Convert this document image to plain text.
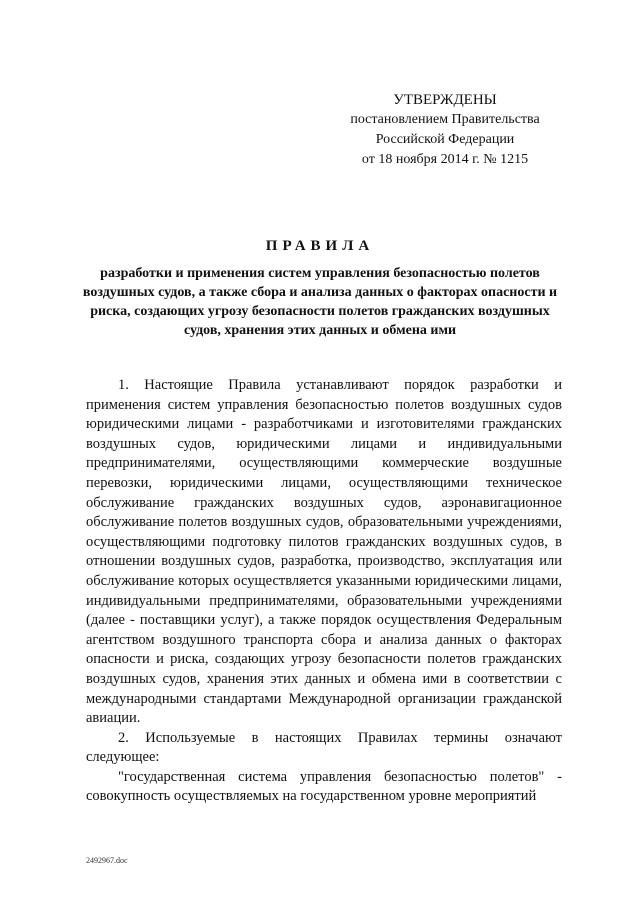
УТВЕРЖДЕНЫ
постановлением Правительства
Российской Федерации
от 18 ноября 2014 г. № 1215
ПРАВИЛА
разработки и применения систем управления безопасностью полетов воздушных судов, а также сбора и анализа данных о факторах опасности и риска, создающих угрозу безопасности полетов гражданских воздушных судов, хранения этих данных и обмена ими

1. Настоящие Правила устанавливают порядок разработки и применения систем управления безопасностью полетов воздушных судов юридическими лицами - разработчиками и изготовителями гражданских воздушных судов, юридическими лицами и индивидуальными предпринимателями, осуществляющими коммерческие воздушные перевозки, юридическими лицами, осуществляющими техническое обслуживание гражданских воздушных судов, аэронавигационное обслуживание полетов воздушных судов, образовательными учреждениями, осуществляющими подготовку пилотов гражданских воздушных судов, в отношении воздушных судов, разработка, производство, эксплуатация или обслуживание которых осуществляется указанными юридическими лицами, индивидуальными предпринимателями, образовательными учреждениями (далее - поставщики услуг), а также порядок осуществления Федеральным агентством воздушного транспорта сбора и анализа данных о факторах опасности и риска, создающих угрозу безопасности полетов гражданских воздушных судов, хранения этих данных и обмена ими в соответствии с международными стандартами Международной организации гражданской авиации.

2. Используемые в настоящих Правилах термины означают следующее:

"государственная система управления безопасностью полетов" - совокупность осуществляемых на государственном уровне мероприятий

2492967.doc
